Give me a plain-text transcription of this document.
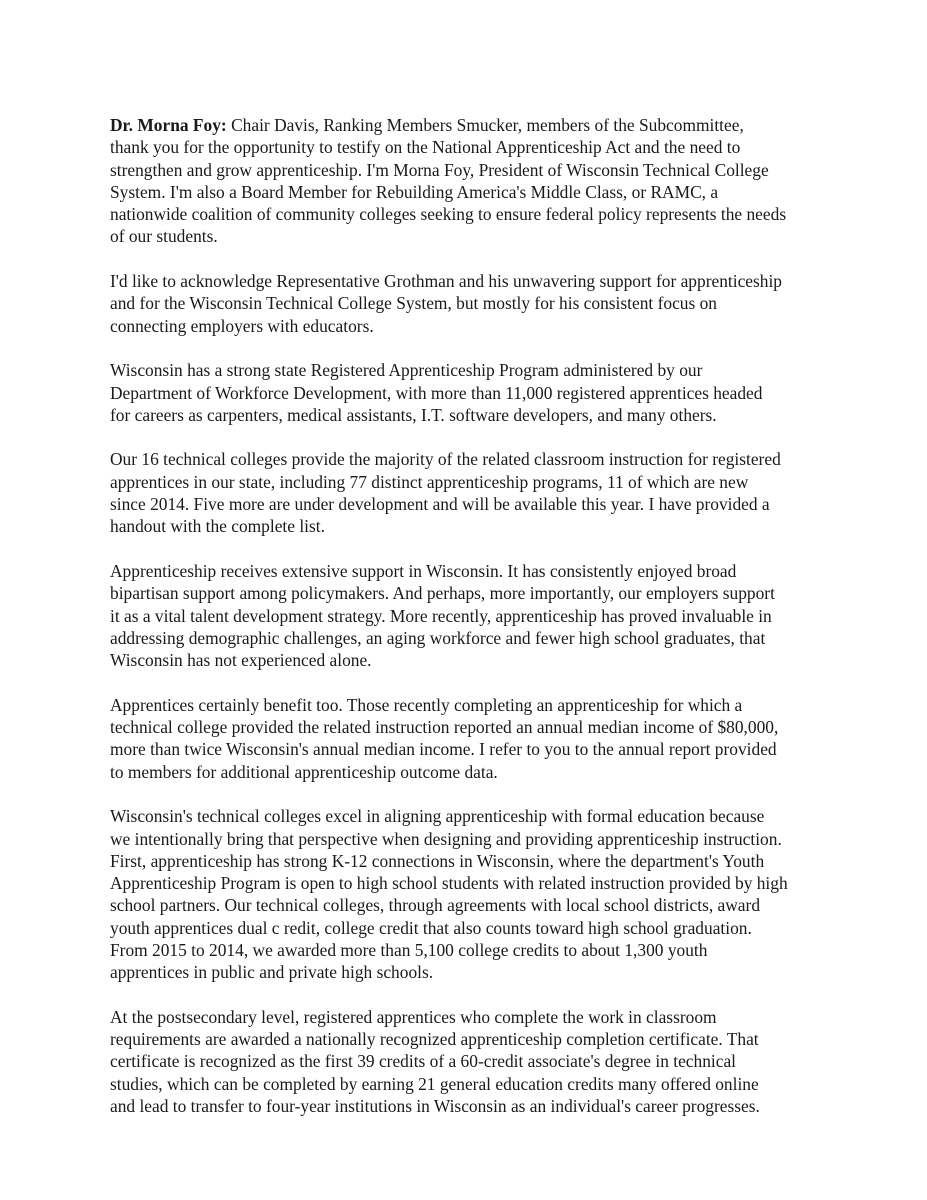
Dr. Morna Foy: Chair Davis, Ranking Members Smucker, members of the Subcommittee,
thank you for the opportunity to testify on the National Apprenticeship Act and the need to
strengthen and grow apprenticeship. I'm Morna Foy, President of Wisconsin Technical College
System. I'm also a Board Member for Rebuilding America's Middle Class, or RAMC, a
nationwide coalition of community colleges seeking to ensure federal policy represents the needs
of our students.

I'd like to acknowledge Representative Grothman and his unwavering support for apprenticeship
and for the Wisconsin Technical College System, but mostly for his consistent focus on
connecting employers with educators.

Wisconsin has a strong state Registered Apprenticeship Program administered by our
Department of Workforce Development, with more than 11,000 registered apprentices headed
for careers as carpenters, medical assistants, I.T. software developers, and many others.

Our 16 technical colleges provide the majority of the related classroom instruction for registered
apprentices in our state, including 77 distinct apprenticeship programs, 11 of which are new
since 2014. Five more are under development and will be available this year. I have provided a
handout with the complete list.

Apprenticeship receives extensive support in Wisconsin. It has consistently enjoyed broad
bipartisan support among policymakers. And perhaps, more importantly, our employers support
it as a vital talent development strategy. More recently, apprenticeship has proved invaluable in
addressing demographic challenges, an aging workforce and fewer high school graduates, that
Wisconsin has not experienced alone.

Apprentices certainly benefit too. Those recently completing an apprenticeship for which a
technical college provided the related instruction reported an annual median income of $80,000,
more than twice Wisconsin's annual median income. I refer to you to the annual report provided
to members for additional apprenticeship outcome data.

Wisconsin's technical colleges excel in aligning apprenticeship with formal education because
we intentionally bring that perspective when designing and providing apprenticeship instruction.
First, apprenticeship has strong K-12 connections in Wisconsin, where the department's Youth
Apprenticeship Program is open to high school students with related instruction provided by high
school partners. Our technical colleges, through agreements with local school districts, award
youth apprentices dual c redit, college credit that also counts toward high school graduation.
From 2015 to 2014, we awarded more than 5,100 college credits to about 1,300 youth
apprentices in public and private high schools.

At the postsecondary level, registered apprentices who complete the work in classroom
requirements are awarded a nationally recognized apprenticeship completion certificate. That
certificate is recognized as the first 39 credits of a 60-credit associate's degree in technical
studies, which can be completed by earning 21 general education credits many offered online
and lead to transfer to four-year institutions in Wisconsin as an individual's career progresses.
